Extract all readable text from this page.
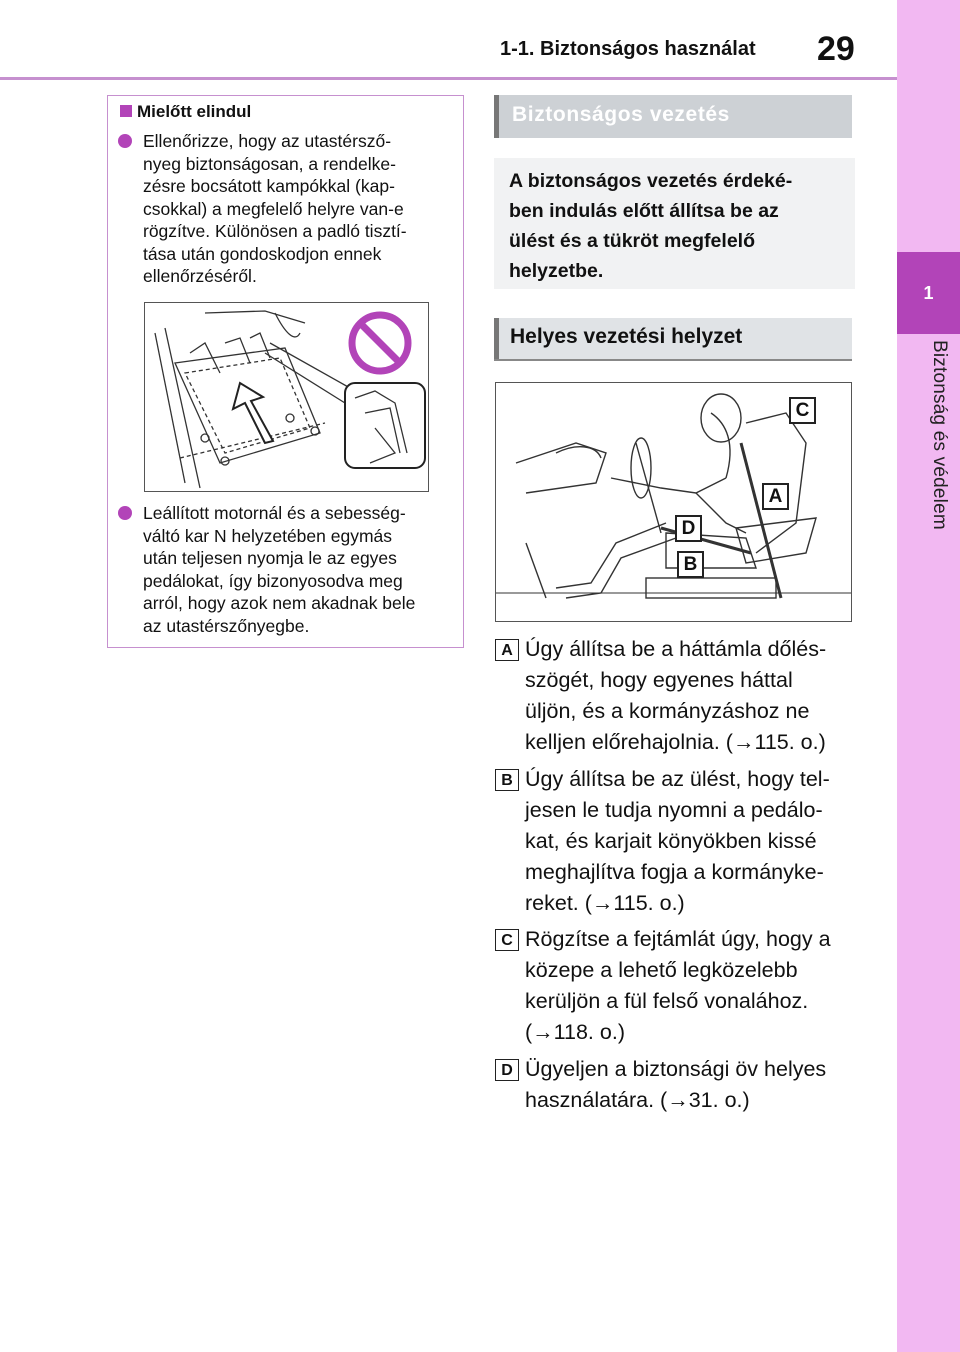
1-1. Biztonságos használat 29
1
Biztonság és védelem
Mielőtt elindul
Ellenőrizze, hogy az utastérsző-
nyeg biztonságosan, a rendelke-
zésre bocsátott kampókkal (kap-
csokkal) a megfelelő helyre van-e
rögzítve. Különösen a padló tisztí-
tása után gondoskodjon ennek
ellenőrzéséről.
Leállított motornál és a sebesség-
váltó kar N helyzetében egymás
után teljesen nyomja le az egyes
pedálokat, így bizonyosodva meg
arról, hogy azok nem akadnak bele
az utastérszőnyegbe.
Biztonságos vezetés
A biztonságos vezetés érdeké-
ben indulás előtt állítsa be az
ülést és a tükröt megfelelő
helyzetbe.
Helyes vezetési helyzet
C
A
D
B
A Úgy állítsa be a háttámla dőlés-
szögét, hogy egyenes háttal
üljön, és a kormányzáshoz ne
kelljen előrehajolnia. (→115. o.)
B Úgy állítsa be az ülést, hogy tel-
jesen le tudja nyomni a pedálo-
kat, és karjait könyökben kissé
meghajlítva fogja a kormányke-
reket. (→115. o.)
C Rögzítse a fejtámlát úgy, hogy a
közepe a lehető legközelebb
kerüljön a fül felső vonalához.
(→118. o.)
D Ügyeljen a biztonsági öv helyes
használatára. (→31. o.)
